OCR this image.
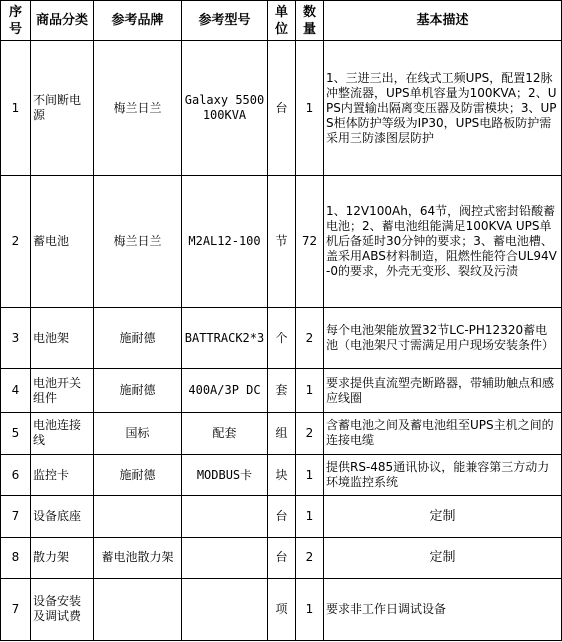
序号	商品分类	参考品牌	参考型号	单位	数量	基本描述
1	不间断电源	梅兰日兰	Galaxy 5500 100KVA	台	1	1、三进三出，在线式工频UPS，配置12脉冲整流器，UPS单机容量为100KVA；2、UPS内置输出隔离变压器及防雷模块；3、UPS柜体防护等级为IP30，UPS电路板防护需采用三防漆图层防护
2	蓄电池	梅兰日兰	M2AL12-100	节	72	1、12V100Ah，64节，阀控式密封铅酸蓄电池；2、蓄电池组能满足100KVA UPS单机后备延时30分钟的要求；3、蓄电池槽、盖采用ABS材料制造，阻燃性能符合UL94V-0的要求，外壳无变形、裂纹及污渍
3	电池架	施耐德	BATTRACK2*3	个	2	每个电池架能放置32节LC-PH12320蓄电池（电池架尺寸需满足用户现场安装条件）
4	电池开关组件	施耐德	400A/3P DC	套	1	要求提供直流塑壳断路器，带辅助触点和感应线圈
5	电池连接线	国标	配套	组	2	含蓄电池之间及蓄电池组至UPS主机之间的连接电缆
6	监控卡	施耐德	MODBUS卡	块	1	提供RS-485通讯协议，能兼容第三方动力环境监控系统
7	设备底座			台	1	定制
8	散力架	蓄电池散力架		台	2	定制
7	设备安装及调试费			项	1	要求非工作日调试设备
